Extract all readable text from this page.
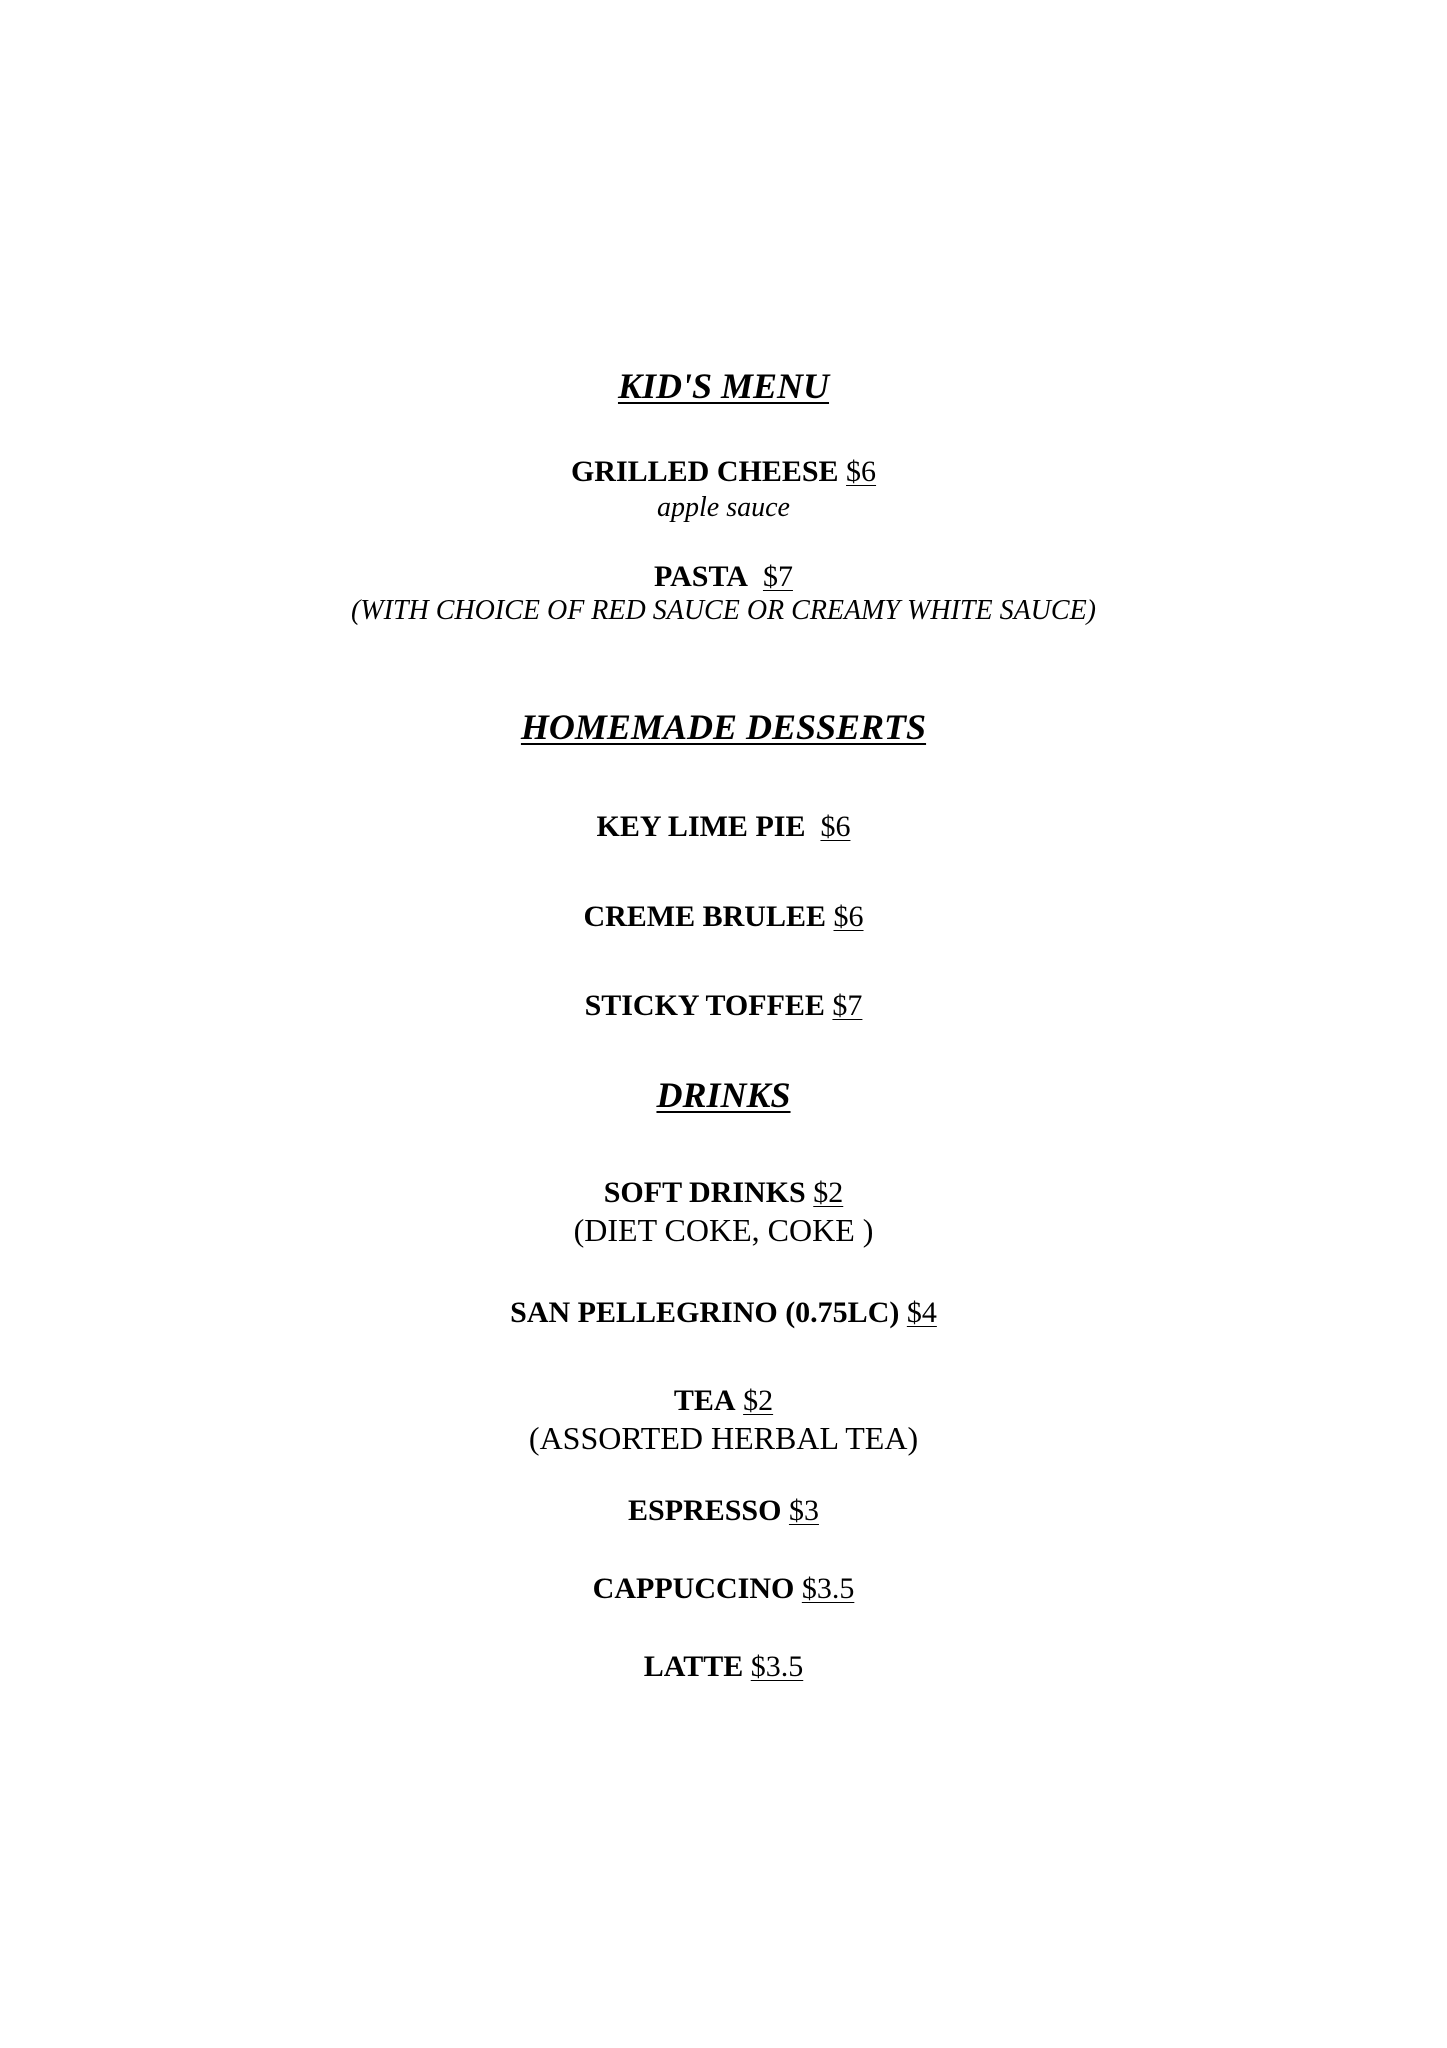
KID'S MENU
GRILLED CHEESE $6
apple sauce
PASTA $7
(WITH CHOICE OF RED SAUCE OR CREAMY WHITE SAUCE)
HOMEMADE DESSERTS
KEY LIME PIE $6
CREME BRULEE $6
STICKY TOFFEE $7
DRINKS
SOFT DRINKS $2
(DIET COKE, COKE )
SAN PELLEGRINO (0.75LC) $4
TEA $2
(ASSORTED HERBAL TEA)
ESPRESSO $3
CAPPUCCINO $3.5
LATTE $3.5
